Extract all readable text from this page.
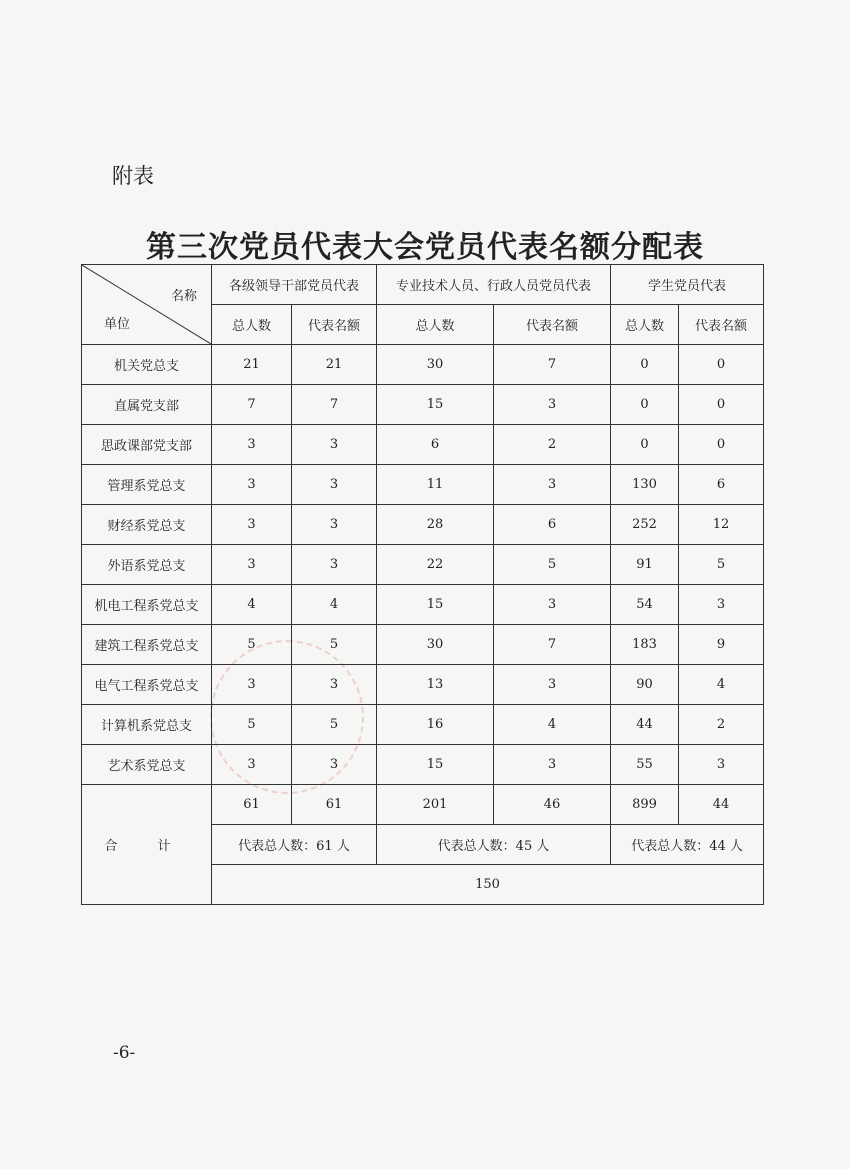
附表
第三次党员代表大会党员代表名额分配表
名称
单位	各级领导干部党员代表		专业技术人员、行政人员党员代表		学生党员代表	
	总人数	代表名额	总人数	代表名额	总人数	代表名额
机关党总支	21	21	30	7	0	0
直属党支部	7	7	15	3	0	0
思政课部党支部	3	3	6	2	0	0
管理系党总支	3	3	11	3	130	6
财经系党总支	3	3	28	6	252	12
外语系党总支	3	3	22	5	91	5
机电工程系党总支	4	4	15	3	54	3
建筑工程系党总支	5	5	30	7	183	9
电气工程系党总支	3	3	13	3	90	4
计算机系党总支	5	5	16	4	44	2
艺术系党总支	3	3	15	3	55	3
合 计	61	61	201	46	899	44
	代表总人数：61 人		代表总人数：45 人		代表总人数：44 人	
	150					
-6-
